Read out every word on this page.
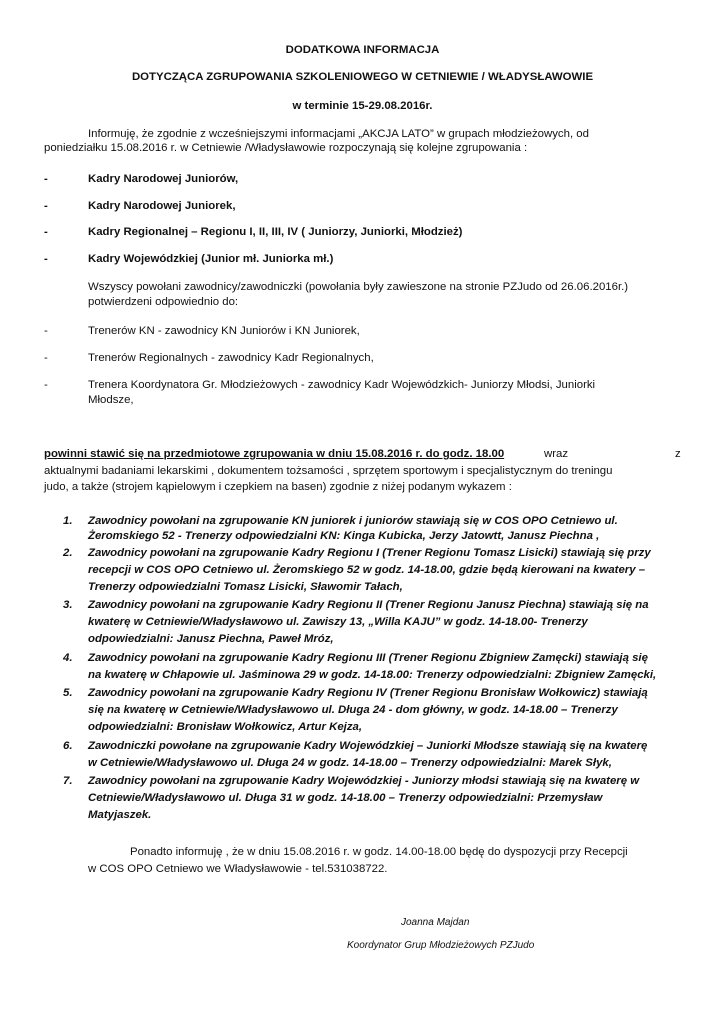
DODATKOWA INFORMACJA
DOTYCZĄCA ZGRUPOWANIA SZKOLENIOWEGO W CETNIEWIE / WŁADYSŁAWOWIE
w terminie 15-29.08.2016r.
Informuję, że zgodnie z wcześniejszymi informacjami „AKCJA LATO” w grupach młodzieżowych, od
poniedziałku 15.08.2016 r. w Cetniewie /Władysławowie rozpoczynają się kolejne zgrupowania :
-	Kadry Narodowej Juniorów,
-	Kadry Narodowej Juniorek,
-	Kadry Regionalnej – Regionu I, II, III, IV ( Juniorzy, Juniorki, Młodzież)
-	Kadry Wojewódzkiej (Junior mł. Juniorka mł.)
Wszyscy powołani zawodnicy/zawodniczki (powołania były zawieszone na stronie PZJudo od 26.06.2016r.)
potwierdzeni odpowiednio do:
-	Trenerów KN - zawodnicy KN Juniorów i KN Juniorek,
-	Trenerów Regionalnych - zawodnicy Kadr Regionalnych,
-	Trenera Koordynatora Gr. Młodzieżowych - zawodnicy Kadr Wojewódzkich- Juniorzy Młodsi, Juniorki
Młodsze,
powinni stawić się na przedmiotowe zgrupowania w dniu 15.08.2016 r. do godz. 18.00	wraz	z
aktualnymi badaniami lekarskimi , dokumentem tożsamości , sprzętem sportowym i specjalistycznym do treningu
judo, a także (strojem kąpielowym i czepkiem na basen) zgodnie z niżej podanym wykazem :
1. Zawodnicy powołani na zgrupowanie KN juniorek i juniorów stawiają się w COS OPO Cetniewo ul.
Żeromskiego 52 - Trenerzy odpowiedzialni KN: Kinga Kubicka, Jerzy Jatowtt, Janusz Piechna ,
2. Zawodnicy powołani na zgrupowanie Kadry Regionu I (Trener Regionu Tomasz Lisicki) stawiają się przy
recepcji w COS OPO Cetniewo ul. Żeromskiego 52 w godz. 14-18.00, gdzie będą kierowani na kwatery –
Trenerzy odpowiedzialni Tomasz Lisicki, Sławomir Tałach,
3. Zawodnicy powołani na zgrupowanie Kadry Regionu II (Trener Regionu Janusz Piechna) stawiają się na
kwaterę w Cetniewie/Władysławowo ul. Zawiszy 13, „Willa KAJU” w godz. 14-18.00- Trenerzy
odpowiedzialni: Janusz Piechna, Paweł Mróz,
4. Zawodnicy powołani na zgrupowanie Kadry Regionu III (Trener Regionu Zbigniew Zamęcki) stawiają się
na kwaterę w Chłapowie ul. Jaśminowa 29 w godz. 14-18.00: Trenerzy odpowiedzialni: Zbigniew Zamęcki,
5. Zawodnicy powołani na zgrupowanie Kadry Regionu IV (Trener Regionu Bronisław Wołkowicz) stawiają
się na kwaterę w Cetniewie/Władysławowo ul. Długa 24 - dom główny, w godz. 14-18.00 – Trenerzy
odpowiedzialni: Bronisław Wołkowicz, Artur Kejza,
6. Zawodniczki powołane na zgrupowanie Kadry Wojewódzkiej – Juniorki Młodsze stawiają się na kwaterę
w Cetniewie/Władysławowo ul. Długa 24 w godz. 14-18.00 – Trenerzy odpowiedzialni: Marek Słyk,
7. Zawodnicy powołani na zgrupowanie Kadry Wojewódzkiej - Juniorzy młodsi stawiają się na kwaterę w
Cetniewie/Władysławowo ul. Długa 31 w godz. 14-18.00 – Trenerzy odpowiedzialni: Przemysław
Matyjaszek.
Ponadto informuję , że w dniu 15.08.2016 r. w godz. 14.00-18.00 będę do dyspozycji przy Recepcji
w COS OPO Cetniewo we Władysławowie - tel.531038722.
Joanna Majdan
Koordynator Grup Młodzieżowych PZJudo
